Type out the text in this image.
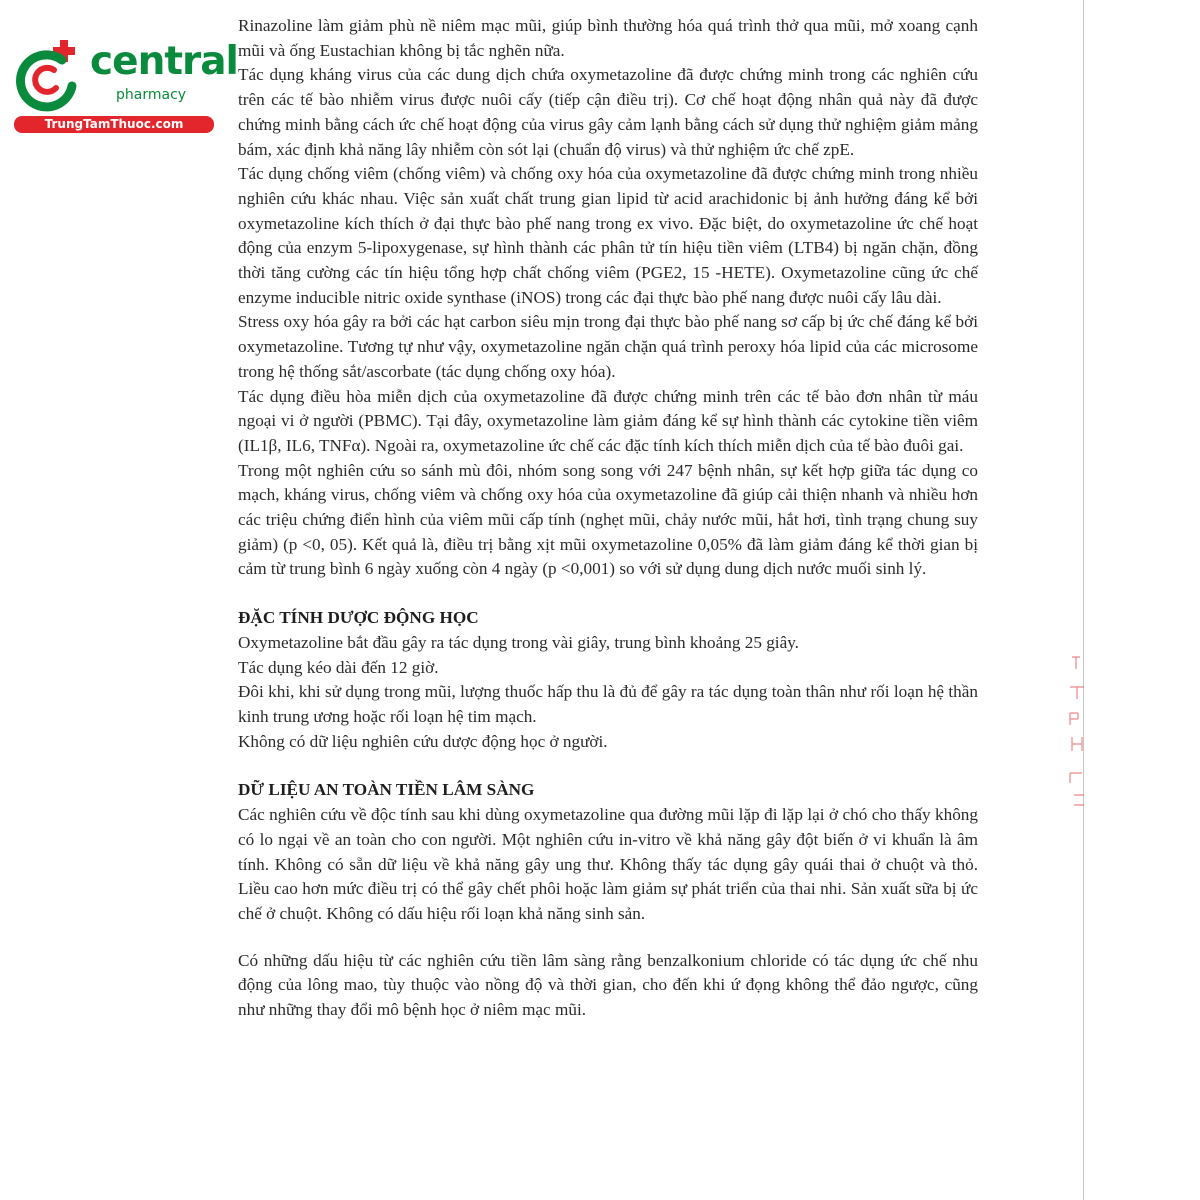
central
pharmacy
TrungTamThuoc.com

Rinazoline làm giảm phù nề niêm mạc mũi, giúp bình thường hóa quá trình thở qua mũi, mở xoang cạnh mũi và ống Eustachian không bị tắc nghẽn nữa.

Tác dụng kháng virus của các dung dịch chứa oxymetazoline đã được chứng minh trong các nghiên cứu trên các tế bào nhiễm virus được nuôi cấy (tiếp cận điều trị). Cơ chế hoạt động nhân quả này đã được chứng minh bằng cách ức chế hoạt động của virus gây cảm lạnh bằng cách sử dụng thử nghiệm giảm mảng bám, xác định khả năng lây nhiễm còn sót lại (chuẩn độ virus) và thử nghiệm ức chế zpE.

Tác dụng chống viêm (chống viêm) và chống oxy hóa của oxymetazoline đã được chứng minh trong nhiều nghiên cứu khác nhau. Việc sản xuất chất trung gian lipid từ acid arachidonic bị ảnh hưởng đáng kể bởi oxymetazoline kích thích ở đại thực bào phế nang trong ex vivo. Đặc biệt, do oxymetazoline ức chế hoạt động của enzym 5-lipoxygenase, sự hình thành các phân tử tín hiệu tiền viêm (LTB4) bị ngăn chặn, đồng thời tăng cường các tín hiệu tổng hợp chất chống viêm (PGE2, 15 -HETE). Oxymetazoline cũng ức chế enzyme inducible nitric oxide synthase (iNOS) trong các đại thực bào phế nang được nuôi cấy lâu dài.

Stress oxy hóa gây ra bởi các hạt carbon siêu mịn trong đại thực bào phế nang sơ cấp bị ức chế đáng kể bởi oxymetazoline. Tương tự như vậy, oxymetazoline ngăn chặn quá trình peroxy hóa lipid của các microsome trong hệ thống sắt/ascorbate (tác dụng chống oxy hóa).

Tác dụng điều hòa miễn dịch của oxymetazoline đã được chứng minh trên các tế bào đơn nhân từ máu ngoại vi ở người (PBMC). Tại đây, oxymetazoline làm giảm đáng kể sự hình thành các cytokine tiền viêm (IL1β, IL6, TNFα). Ngoài ra, oxymetazoline ức chế các đặc tính kích thích miễn dịch của tế bào đuôi gai.

Trong một nghiên cứu so sánh mù đôi, nhóm song song với 247 bệnh nhân, sự kết hợp giữa tác dụng co mạch, kháng virus, chống viêm và chống oxy hóa của oxymetazoline đã giúp cải thiện nhanh và nhiều hơn các triệu chứng điển hình của viêm mũi cấp tính (nghẹt mũi, chảy nước mũi, hắt hơi, tình trạng chung suy giảm) (p <0, 05). Kết quả là, điều trị bằng xịt mũi oxymetazoline 0,05% đã làm giảm đáng kể thời gian bị cảm từ trung bình 6 ngày xuống còn 4 ngày (p <0,001) so với sử dụng dung dịch nước muối sinh lý.

ĐẶC TÍNH DƯỢC ĐỘNG HỌC

Oxymetazoline bắt đầu gây ra tác dụng trong vài giây, trung bình khoảng 25 giây.

Tác dụng kéo dài đến 12 giờ.

Đôi khi, khi sử dụng trong mũi, lượng thuốc hấp thu là đủ để gây ra tác dụng toàn thân như rối loạn hệ thần kinh trung ương hoặc rối loạn hệ tim mạch.

Không có dữ liệu nghiên cứu dược động học ở người.

DỮ LIỆU AN TOÀN TIỀN LÂM SÀNG

Các nghiên cứu về độc tính sau khi dùng oxymetazoline qua đường mũi lặp đi lặp lại ở chó cho thấy không có lo ngại về an toàn cho con người. Một nghiên cứu in-vitro về khả năng gây đột biến ở vi khuẩn là âm tính. Không có sẵn dữ liệu về khả năng gây ung thư. Không thấy tác dụng gây quái thai ở chuột và thỏ. Liều cao hơn mức điều trị có thể gây chết phôi hoặc làm giảm sự phát triển của thai nhi. Sản xuất sữa bị ức chế ở chuột. Không có dấu hiệu rối loạn khả năng sinh sản.

Có những dấu hiệu từ các nghiên cứu tiền lâm sàng rằng benzalkonium chloride có tác dụng ức chế nhu động của lông mao, tùy thuộc vào nồng độ và thời gian, cho đến khi ứ đọng không thể đảo ngược, cũng như những thay đổi mô bệnh học ở niêm mạc mũi.
